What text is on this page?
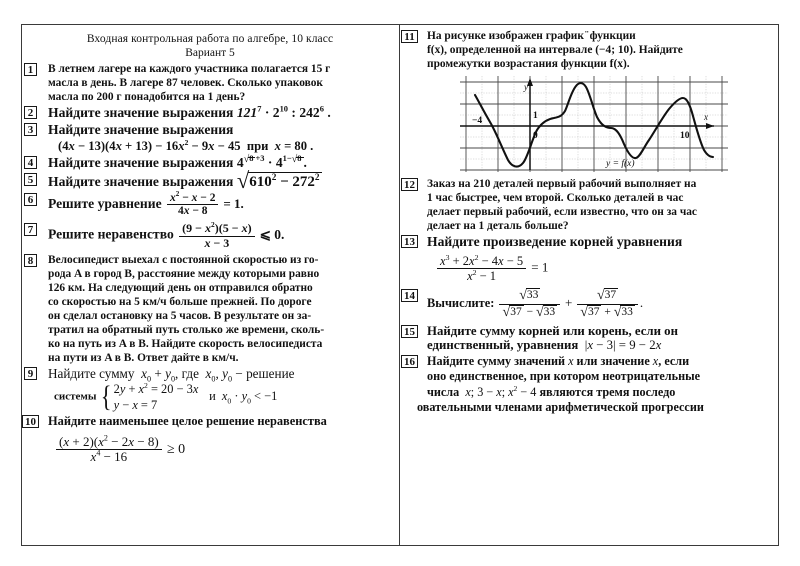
Входная контрольная работа по алгебре, 10 класс
Вариант 5
1	В летнем лагере на каждого участника полагается 15 г
масла в день. В лагере 87 человек. Сколько упаковок
масла по 200 г понадобится на 1 день?
2 Найдите значение выражения $121^7 \cdot 2^{10}$ : $242^6$ .
3 Найдите значение выражения
$(4x - 13)(4x + 13) - 16x^2 - 9x - 45$  при  x = 80 .
4 Найдите значение выражения $4^{√8 +3} \cdot 4^{1-√8}$ .
5 Найдите значение выражения $√610^2 - 272^2$
6 Решите уравнение $\frac{x^2 - x - 2}{4x - 8} = 1$.
7 Решите неравенство $\frac{(9 - x^2)(5 - x)}{x - 3}$ ⩽ 0.
8	Велосипедист выехал с постоянной скоростью из го-
рода A в город B, расстояние между которыми равно
126 км. На следующий день он отправился обратно
со скоростью на 5 км/ч больше прежней. По дороге
он сделал остановку на 5 часов. В результате он за-
тратил на обратный путь столько же времени, сколь-
ко на путь из A в B. Найдите скорость велосипедиста
на пути из A в B. Ответ дайте в км/ч.
9 Найдите сумму  $x_0 + y_0$, где  $x_0$, $y_0$ − решение
системы { $2y + x^2 = 20 - 3x$
y − x = 7
и  $x_0 \cdot y_0 < -1$
10 Найдите наименьшее целое решение неравенства
$\frac{(x + 2)(x^2 - 2x - 8)}{x^4 - 16} \ge 0$
11 На рисунке изображен график ̈ функции
f(x), определенной на интервале (−4; 10). Найдите
промежутки возрастания функции f(x).
y
x
−4
0
1
10
y = f(x)
12 Заказ на 210 деталей первый рабочий выполняет на
1 час быстрее, чем второй. Сколько деталей в час
делает первый рабочий, если известно, что он за час
делает на 1 деталь больше?
13 Найдите произведение корней уравнения
$\frac{x^3 + 2x^2 - 4x - 5}{x^2 - 1} = 1$
14 Вычислите: $\frac{√33}{√37 - √33} + \frac{√37}{√37 + √33}$ .
15 Найдите сумму корней или корень, если он
единственный, уравнения  |x − 3| = 9 − 2x
16 Найдите сумму значений x или значение x, если
оно единственное, при котором неотрицательные
числа  x; 3 − x; $x^2 - 4$ являются тремя последо
овательными членами арифметической прогрессии
